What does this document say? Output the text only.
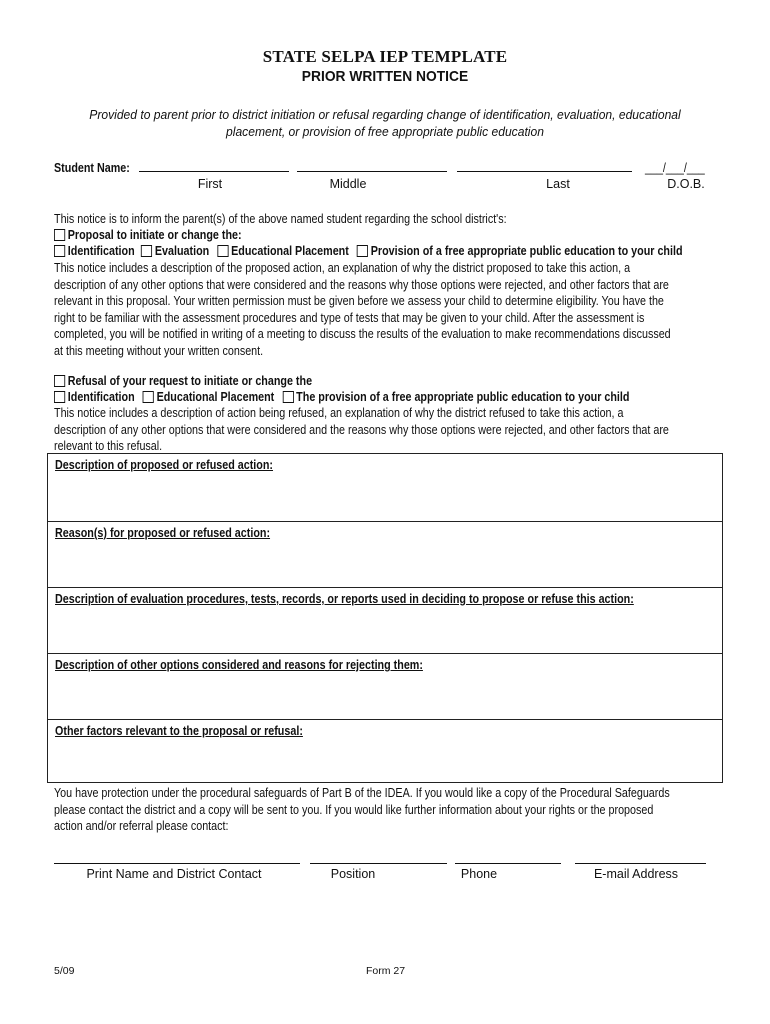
STATE SELPA IEP TEMPLATE
PRIOR WRITTEN NOTICE
Provided to parent prior to district initiation or refusal regarding change of identification, evaluation, educational
placement, or provision of free appropriate public education
Student Name:	___/___/___
First	Middle	Last	D.O.B.
This notice is to inform the parent(s) of the above named student regarding the school district's:
Proposal to initiate or change the:
Identification Evaluation Educational Placement Provision of a free appropriate public education to your child
This notice includes a description of the proposed action, an explanation of why the district proposed to take this action, a
description of any other options that were considered and the reasons why those options were rejected, and other factors that are
relevant in this proposal. Your written permission must be given before we assess your child to determine eligibility. You have the
right to be familiar with the assessment procedures and type of tests that may be given to your child. After the assessment is
completed, you will be notified in writing of a meeting to discuss the results of the evaluation to make recommendations discussed
at this meeting without your written consent.
Refusal of your request to initiate or change the
Identification Educational Placement The provision of a free appropriate public education to your child
This notice includes a description of action being refused, an explanation of why the district refused to take this action, a
description of any other options that were considered and the reasons why those options were rejected, and other factors that are
relevant to this refusal.
Description of proposed or refused action:
Reason(s) for proposed or refused action:
Description of evaluation procedures, tests, records, or reports used in deciding to propose or refuse this action:
Description of other options considered and reasons for rejecting them:
Other factors relevant to the proposal or refusal:
You have protection under the procedural safeguards of Part B of the IDEA. If you would like a copy of the Procedural Safeguards
please contact the district and a copy will be sent to you. If you would like further information about your rights or the proposed
action and/or referral please contact:
Print Name and District Contact	Position	Phone	E-mail Address
5/09	Form 27
